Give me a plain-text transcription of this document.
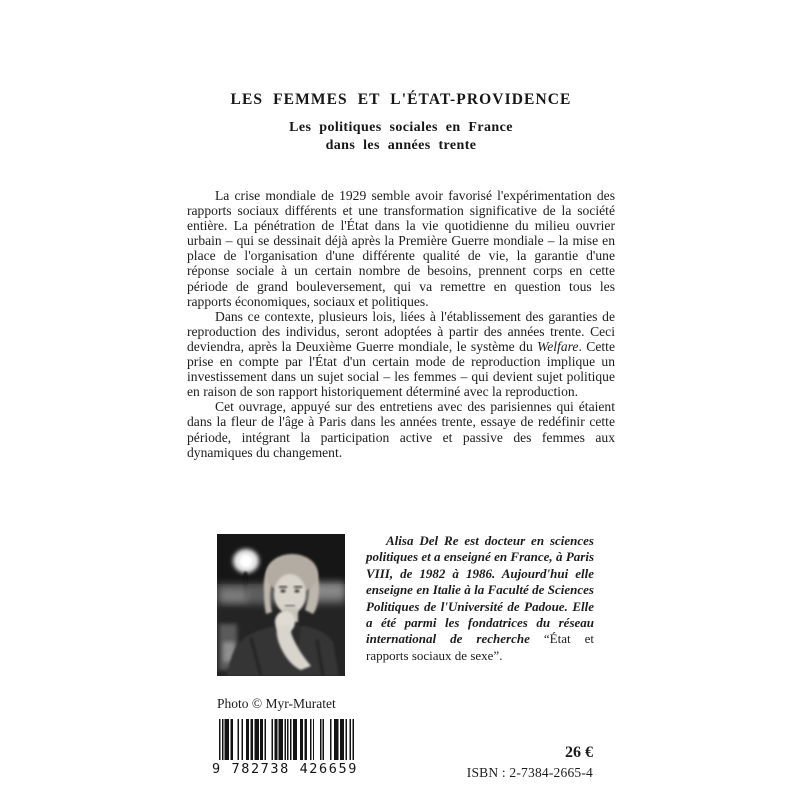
LES FEMMES ET L'ÉTAT-PROVIDENCE
Les politiques sociales en France
dans les années trente

La crise mondiale de 1929 semble avoir favorisé l'expérimentation des rapports sociaux différents et une transformation significative de la société entière. La pénétration de l'État dans la vie quotidienne du milieu ouvrier urbain – qui se dessinait déjà après la Première Guerre mondiale – la mise en place de l'organisation d'une différente qualité de vie, la garantie d'une réponse sociale à un certain nombre de besoins, prennent corps en cette période de grand bouleversement, qui va remettre en question tous les rapports économiques, sociaux et politiques.

Dans ce contexte, plusieurs lois, liées à l'établissement des garanties de reproduction des individus, seront adoptées à partir des années trente. Ceci deviendra, après la Deuxième Guerre mondiale, le système du Welfare. Cette prise en compte par l'État d'un certain mode de reproduction implique un investissement dans un sujet social – les femmes – qui devient sujet politique en raison de son rapport historiquement déterminé avec la reproduction.

Cet ouvrage, appuyé sur des entretiens avec des parisiennes qui étaient dans la fleur de l'âge à Paris dans les années trente, essaye de redéfinir cette période, intégrant la participation active et passive des femmes aux dynamiques du changement.

Alisa Del Re est docteur en sciences politiques et a enseigné en France, à Paris VIII, de 1982 à 1986. Aujourd'hui elle enseigne en Italie à la Faculté de Sciences Politiques de l'Université de Padoue. Elle a été parmi les fondatrices du réseau international de recherche “État et rapports sociaux de sexe”.
Photo © Myr-Muratet
9 782738 426659
26 €
ISBN : 2-7384-2665-4
